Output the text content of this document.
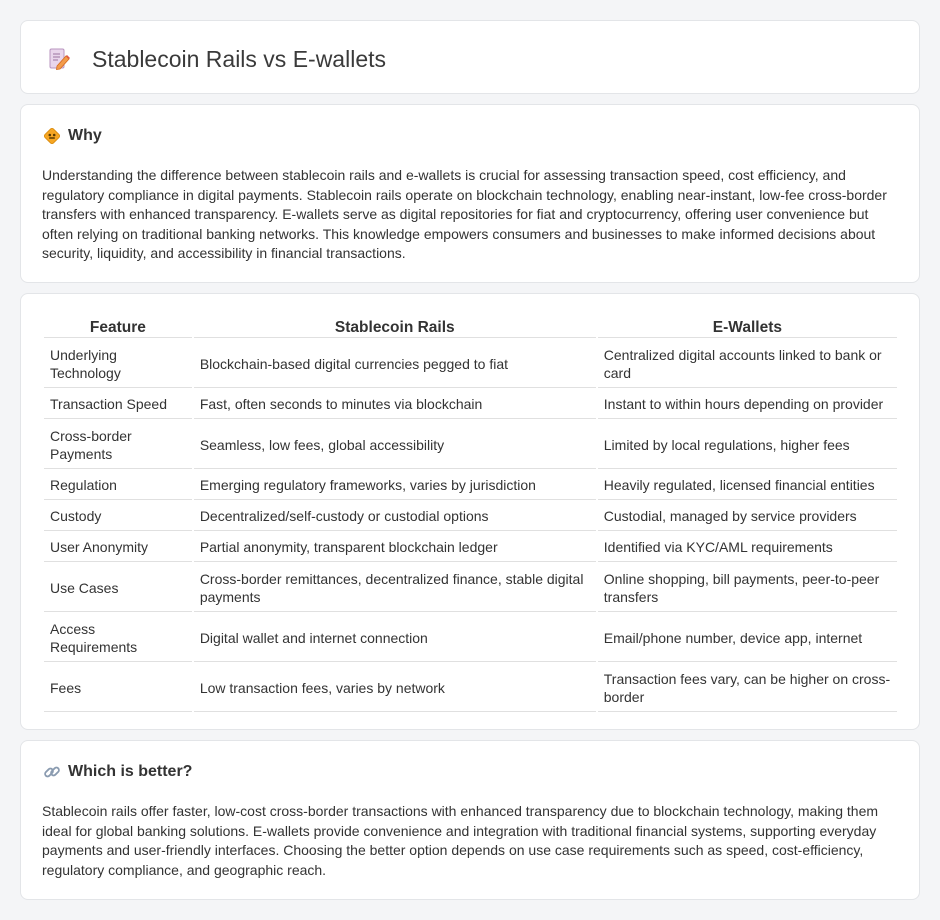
Stablecoin Rails vs E-wallets
Why

Understanding the difference between stablecoin rails and e-wallets is crucial for assessing transaction speed, cost efficiency, and regulatory compliance in digital payments. Stablecoin rails operate on blockchain technology, enabling near-instant, low-fee cross-border transfers with enhanced transparency. E-wallets serve as digital repositories for fiat and cryptocurrency, offering user convenience but often relying on traditional banking networks. This knowledge empowers consumers and businesses to make informed decisions about security, liquidity, and accessibility in financial transactions.

Feature	Stablecoin Rails	E-Wallets
Underlying Technology	Blockchain-based digital currencies pegged to fiat	Centralized digital accounts linked to bank or card
Transaction Speed	Fast, often seconds to minutes via blockchain	Instant to within hours depending on provider
Cross-border Payments	Seamless, low fees, global accessibility	Limited by local regulations, higher fees
Regulation	Emerging regulatory frameworks, varies by jurisdiction	Heavily regulated, licensed financial entities
Custody	Decentralized/self-custody or custodial options	Custodial, managed by service providers
User Anonymity	Partial anonymity, transparent blockchain ledger	Identified via KYC/AML requirements
Use Cases	Cross-border remittances, decentralized finance, stable digital payments	Online shopping, bill payments, peer-to-peer transfers
Access Requirements	Digital wallet and internet connection	Email/phone number, device app, internet
Fees	Low transaction fees, varies by network	Transaction fees vary, can be higher on cross-border
Which is better?

Stablecoin rails offer faster, low-cost cross-border transactions with enhanced transparency due to blockchain technology, making them ideal for global banking solutions. E-wallets provide convenience and integration with traditional financial systems, supporting everyday payments and user-friendly interfaces. Choosing the better option depends on use case requirements such as speed, cost-efficiency, regulatory compliance, and geographic reach.
